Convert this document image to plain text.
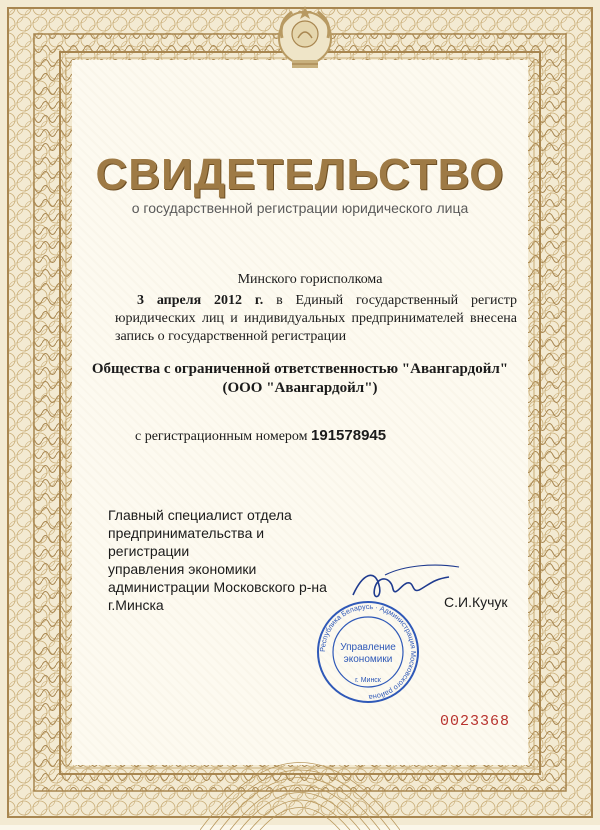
СВИДЕТЕЛЬСТВО
о государственной регистрации юридического лица
Минского горисполкома
3 апреля 2012 г. в Единый государственный регистр юридических лиц и индивидуальных предпринимателей внесена запись о государственной регистрации
Общества с ограниченной ответственностью "Авангардойл"
(ООО "Авангардойл")
с регистрационным номером 191578945
Главный специалист отдела
предпринимательства и
регистрации
управления экономики
администрации Московского р-на
г.Минска	С.И.Кучук
Республика Беларусь · Администрация Московского района
Управление
экономики
г. Минск
0023368
